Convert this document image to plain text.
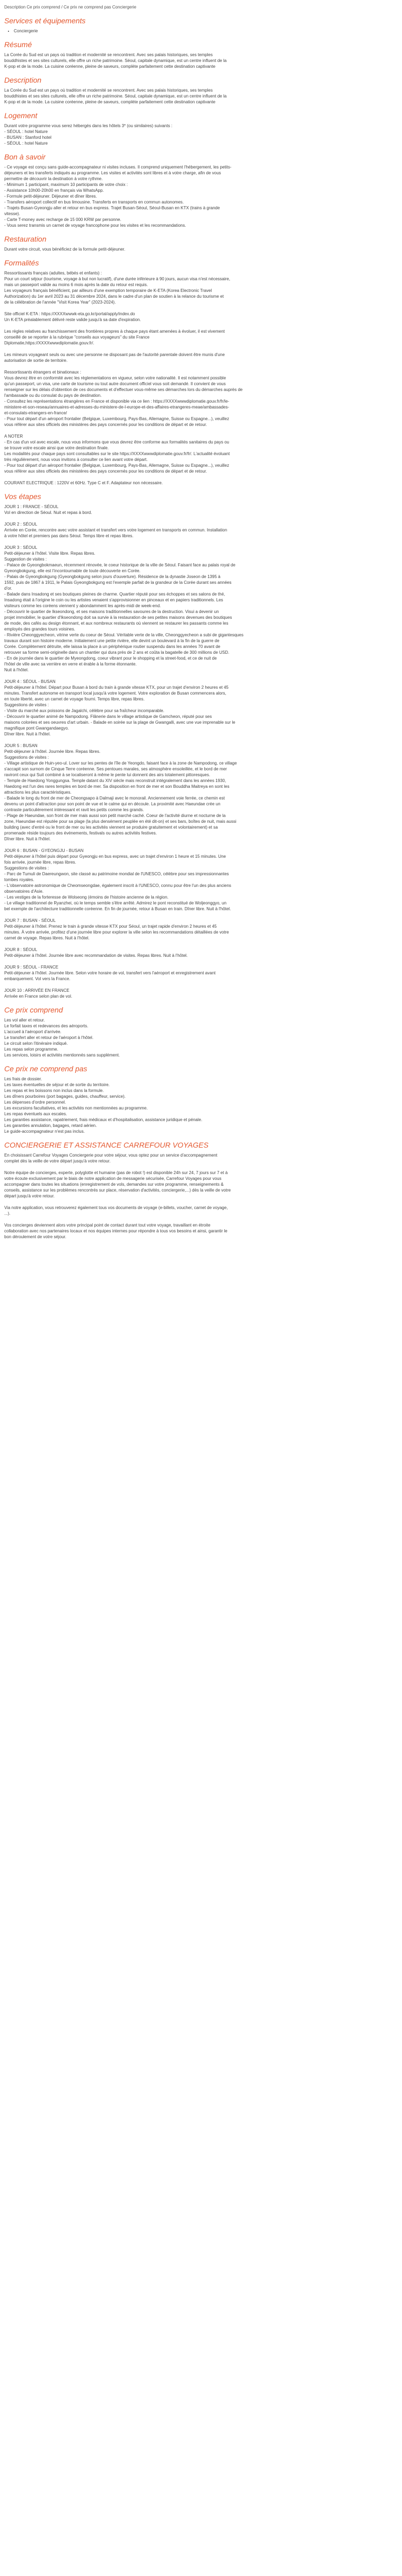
Description Ce prix comprend / Ce prix ne comprend pas Conciergerie
Services et équipements
• Conciergerie
Résumé

La Corée du Sud est un pays où tradition et modernité se rencontrent. Avec ses palais historiques, ses temples
bouddhistes et ses sites culturels, elle offre un riche patrimoine. Séoul, capitale dynamique, est un centre influent de la
K-pop et de la mode. La cuisine coréenne, pleine de saveurs, complète parfaitement cette destination captivante

Description

La Corée du Sud est un pays où tradition et modernité se rencontrent. Avec ses palais historiques, ses temples
bouddhistes et ses sites culturels, elle offre un riche patrimoine. Séoul, capitale dynamique, est un centre influent de la
K-pop et de la mode. La cuisine coréenne, pleine de saveurs, complète parfaitement cette destination captivante

Logement

Durant votre programme vous serez hébergés dans les hôtels 3* (ou similaires) suivants :
- SÉOUL : hotel Nature
- BUSAN : Stanford hotel
- SÉOUL : hotel Nature

Bon à savoir

- Ce voyage est conçu sans guide-accompagnateur ni visites incluses. Il comprend uniquement l'hébergement, les petits-
déjeuners et les transferts indiqués au programme. Les visites et activités sont libres et à votre charge, afin de vous
permettre de découvrir la destination à votre rythme.
- Minimum 1 participant, maximum 10 participants de votre choix :
- Assistance 10h00-20h00 en français via WhatsApp.
- Formule petit-déjeuner. Déjeuner et dîner libres.
- Transfers aéroport collectif en bus limousine. Transferts en transports en commun autonomes.
- Trajets Busan-Gyeongju aller et retour en bus express. Trajet Busan-Séoul, Séoul-Busan en KTX (trains à grande
vitesse).
- Carte T-money avec recharge de 15 000 KRW par personne.
- Vous serez transmis un carnet de voyage francophone pour les visites et les recommandations.

Restauration

Durant votre circuit, vous bénéficiez de la formule petit-déjeuner.

Formalités

Ressortissants français (adultes, bébés et enfants) :
Pour un court séjour (tourisme, voyage à but non lucratif), d'une durée inférieure à 90 jours, aucun visa n'est nécessaire,
mais un passeport valide au moins 6 mois après la date du retour est requis.
Les voyageurs français bénéficient, par ailleurs d'une exemption temporaire de K-ETA (Korea Electronic Travel
Authorization) du 1er avril 2023 au 31 décembre 2024, dans le cadre d'un plan de soutien à la relance du tourisme et
de la célébration de l'année "Visit Korea Year" (2023-2024).

Site officiel K-ETA : https://XXXXwwwk-eta.go.kr/portal/apply/index.do
Un K-ETA préalablement délivré reste valide jusqu'à sa date d'expiration.

Les règles relatives au franchissement des frontières propres à chaque pays étant amenées à évoluer, il est vivement
conseillé de se reporter à la rubrique "conseils aux voyageurs" du site France
Diplomatie,https://XXXXwwwdiplomatie.gouv.fr/.

Les mineurs voyageant seuls ou avec une personne ne disposant pas de l'autorité parentale doivent être munis d'une
autorisation de sortie de territoire.

Ressortissants étrangers et binationaux :
Vous devrez être en conformité avec les réglementations en vigueur, selon votre nationalité. Il est notamment possible
qu'un passeport, un visa, une carte de tourisme ou tout autre document officiel vous soit demandé. Il convient de vous
renseigner sur les délais d'obtention de ces documents et d'effectuer vous-même ses démarches lors du démarches auprès de
l'ambassade ou du consulat du pays de destination.
- Consultez les représentations étrangères en France et disponible via ce lien : https://XXXXwwwdiplomatie.gouv.fr/fr/le-
ministere-et-son-reseau/annuaires-et-adresses-du-ministere-de-l-europe-et-des-affaires-etrangeres-meae/ambassades-
et-consulats-etrangers-en-france/
- Pour tout départ d'un aéroport frontalier (Belgique, Luxembourg, Pays-Bas, Allemagne, Suisse ou Espagne...), veuillez
vous référer aux sites officiels des ministères des pays concernés pour les conditions de départ et de retour.

A NOTER
- En cas d'un vol avec escale, nous vous informons que vous devrez être conforme aux formalités sanitaires du pays ou
se trouve votre escale ainsi que votre destination finale.
Les modalités pour chaque pays sont consultables sur le site https://XXXXwwwdiplomatie.gouv.fr/fr/. L'actualité évoluant
très régulièrement, nous vous invitons à consulter ce lien avant votre départ.
- Pour tout départ d'un aéroport frontalier (Belgique, Luxembourg, Pays-Bas, Allemagne, Suisse ou Espagne...), veuillez
vous référer aux sites officiels des ministères des pays concernés pour les conditions de départ et de retour.

COURANT ELECTRIQUE : 1220V et 60Hz. Type C et F. Adaptateur non nécessaire.

Vos étapes
JOUR 1 : FRANCE - SÉOUL
Vol en direction de Séoul. Nuit et repas à bord.
JOUR 2 : SÉOUL
Arrivée en Corée, rencontre avec votre assistant et transfert vers votre logement en transports en commun. Installation
à votre hôtel et premiers pas dans Séoul. Temps libre et repas libres.
JOUR 3 : SÉOUL
Petit-déjeuner à l'hôtel. Visite libre. Repas libres.
Suggestion de visites :
- Palace de Gyeongbokmaeun, récemment rénovée, le coeur historique de la ville de Séoul. Faisant face au palais royal de
Gyeongbokgung, elle est l'incontournable de toute découverte en Corée.
- Palais de Gyeongbokgung (Gyeongbokgung selon jours d'ouverture). Résidence de la dynastie Joseon de 1395 à
1592, puis de 1867 à 1911, le Palais Gyeongbokgung est l'exemple parfait de la grandeur de la Corée durant ses années
d'or.
- Balade dans Insadong et ses boutiques pleines de charme. Quartier réputé pour ses échoppes et ses salons de thé,
Insadong était à l'origine le coin ou les artistes venaient s'approvisionner en pinceaux et en papiers traditionnels. Les
visiteurs comme les coréens viennent y abondamment les après-midi de week-end.
- Découvrir le quartier de Ikseondong, et ses maisons traditionnelles savoures de la destruction. Visui a devenir un
projet immobilier, le quartier d'Ikseondong doit sa survie à la restauration de ses petites maisons devenues des boutiques
de mode, des cafés au design étonnant, et aux nombreux restaurants où viennent se restaurer les passants comme les
employés des grandes tours voisines.
- Rivière Cheonggyecheon, vitrine verte du coeur de Séoul. Véritable verte de la ville, Cheonggyecheon a subi de gigantesques
travaux durant son histoire moderne. Initialement une petite rivière, elle devint un boulevard à la fin de la guerre de
Corée. Complètement détruite, elle laissa la place à un périphérique routier suspendu dans les années 70 avant de
retrouver sa forme semi-originelle dans un chantier qui dura près de 2 ans et coûta la bagatelle de 300 millions de USD.
- En de journée dans le quartier de Myeongdong, coeur vibrant pour le shopping et la street-food, et ce de nuit de
l'hôtel de ville avec sa verrière en verre et érable à la forme étonnante.
Nuit à l'hôtel.
JOUR 4 : SÉOUL - BUSAN
Petit-déjeuner à l'hôtel. Départ pour Busan à bord du train à grande vitesse KTX, pour un trajet d'environ 2 heures et 45
minutes. Transfert autonome en transport local jusqu'à votre logement. Votre exploration de Busan commencera alors,
en toute liberté, avec un carnet de voyage fourni. Temps libre, repas libres.
Suggestions de visites :
- Visite du marché aux poissons de Jagalchi, célèbre pour sa fraîcheur incomparable.
- Découvrir le quartier animé de Nampodong. Flânerie dans le village artistique de Gamcheon, réputé pour ses
maisons colorées et ses oeuvres d'art urbain. - Balade en soirée sur la plage de Gwangalli, avec une vue imprenable sur le
magnifique pont Gwangandaegyo.
Dîner libre. Nuit à l'hôtel.
JOUR 5 : BUSAN
Petit-déjeuner à l'hôtel. Journée libre. Repas libres.
Suggestions de visites :
- Village artistique de Huin-yeo-ul. Lover sur les pentes de l'île de Yeongdo, faisant face à la zone de Nampodong, ce village
s'accapit son surnom de Cinque Terre coréenne. Ses pentoues marales, ses atmosphère ensoleillée, et le bord de mer
raviront ceux qui Suit combiné à se localiseront à même le pente lui donnent des airs totalement pittoresques.
- Temple de Haedong Yonggungsa. Temple datant du XIV siècle mais reconstruit intégralement dans les années 1930,
Haedong est l'un des rares temples en bord de mer. Sa disposition en front de mer et son Bouddha Maitreya en sont les
attractions les plus caractéristiques.
- Balade le long du front de mer de Cheongsapo à Dalmaji avec le monorail. Anciennement voie ferrée, ce chemin est
devenu un point d'attraction pour son point de vue et le calme qui en découle. La proximité avec Haeundae crée un
contraste particulièrement intéressant et ravit les petits comme les grands.
- Plage de Haeundae, son front de mer mais aussi son petit marché caché. Coeur de l'activité diurne et nocturne de la
zone, Haeundae est réputée pour sa plage (la plus densément peuplée en été dit-on) et ses bars, boîtes de nuit, mais aussi
building (avec d'entré ou le front de mer ou les activités viennent se produire gratuitement et volontairement) et sa
promenade réside toujours des événements, festivals ou autres activités festives.
Dîner libre. Nuit à l'hôtel.
JOUR 6 : BUSAN - GYEONGJU - BUSAN
Petit-déjeuner à l'hôtel puis départ pour Gyeongju en bus express, avec un trajet d'environ 1 heure et 15 minutes. Une
fois arrivée, journée libre, repas libres.
Suggestions de visites :
- Parc de Tumuli de Daereungwon, site classé au patrimoine mondial de l'UNESCO, célèbre pour ses impressionnantes
tombes royales.
- L'observatoire astronomique de Cheomseongdae, également inscrit à l'UNESCO, connu pour être l'un des plus anciens
observatoires d'Asie.
- Les vestiges de la forteresse de Wolseong (émoins de l'histoire ancienne de la région.
- Le village traditionnel de Ryanzhei, où le temps semble s'être arrêté. Admirez le pont reconstitué de Woljeonggyo, un
bel exemple de l'architecture traditionnelle coréenne. En fin de journée, retour à Busan en train. Dîner libre. Nuit à l'hôtel.
JOUR 7 : BUSAN - SÉOUL
Petit-déjeuner à l'hôtel. Prenez le train à grande vitesse KTX pour Séoul, un trajet rapide d'environ 2 heures et 45
minutes. À votre arrivée, profitez d'une journée libre pour explorer la ville selon les recommandations détaillées de votre
carnet de voyage. Repas libres. Nuit à l'hôtel.
JOUR 8 : SÉOUL
Petit-déjeuner à l'hôtel. Journée libre avec recommandation de visites. Repas libres. Nuit à l'hôtel.
JOUR 9 : SÉOUL - FRANCE
Petit-déjeuner à l'hôtel. Journée libre. Selon votre horaire de vol, transfert vers l'aéroport et enregistrement avant
embarquement. Vol vers la France.
JOUR 10 : ARRIVÉE EN FRANCE
Arrivée en France selon plan de vol.
Ce prix comprend

Les vol aller et retour.
Le forfait taxes et redevances des aéroports.
L'accueil à l'aéroport d'arrivée.
Le transfert aller et retour de l'aéroport à l'hôtel.
Le circuit selon l'itinéraire indiqué.
Les repas selon programme.
Les services, loisirs et activités mentionnés sans supplément.

Ce prix ne comprend pas

Les frais de dossier.
Les taxes éventuelles de séjour et de sortie du territoire.
Les repas et les boissons non inclus dans la formule.
Les dîners pourboires (port bagages, guides, chauffeur, service).
Les dépenses d'ordre personnel.
Les excursions facultatives, et les activités non mentionnées au programme.
Les repas éventuels aux escales.
Les garanties assistance, rapatriement, frais médicaux et d'hospitalisation, assistance juridique et pénale.
Les garanties annulation, bagages, retard aérien.
Le guide-accompagnateur n'est pas inclus.

CONCIERGERIE ET ASSISTANCE CARREFOUR VOYAGES

En choisissant Carrefour Voyages Conciergerie pour votre séjour, vous optez pour un service d'accompagnement
complet dès la veille de votre départ jusqu'à votre retour.

Notre équipe de concierges, experte, polyglotte et humaine (pas de robot !) est disponible 24h sur 24, 7 jours sur 7 et à
votre écoute exclusivement par le biais de notre application de messagerie sécurisée, Carrefour Voyages pour vous
accompagner dans toutes les situations (enregistrement de vols, demandes sur votre programme, renseignements &
conseils, assistance sur les problèmes rencontrés sur place, réservation d'activités, conciergerie,...) dès la veille de votre
départ jusqu'à votre retour.

Via notre application, vous retrouverez également tous vos documents de voyage (e-billets, voucher, carnet de voyage,
...).

Vos concierges deviennent alors votre principal point de contact durant tout votre voyage, travaillant en étroite
collaboration avec nos partenaires locaux et nos équipes internes pour répondre à tous vos besoins et ainsi, garantir le
bon déroulement de votre séjour.
